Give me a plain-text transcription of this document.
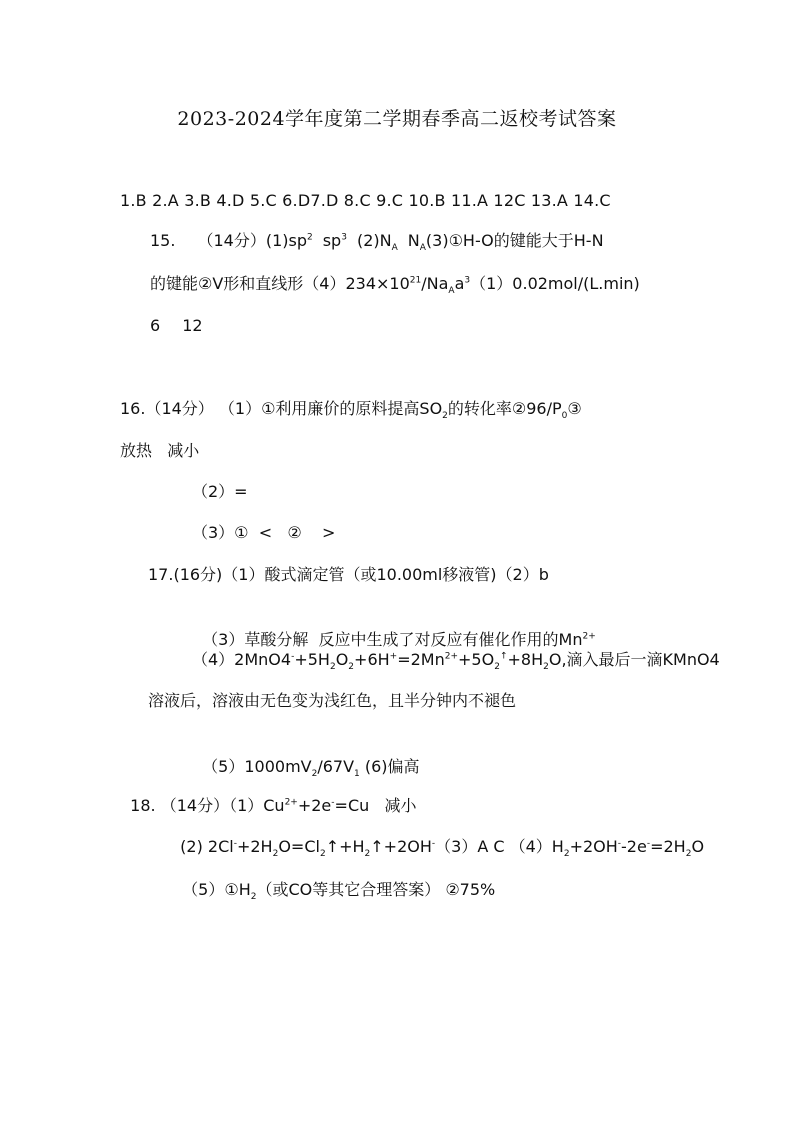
2023-2024学年度第二学期春季高二返校考试答案
1.B 2.A 3.B 4.D 5.C 6.D7.D 8.C 9.C 10.B 11.A 12C 13.A 14.C
15. （14分）$(1)sp^2$ $sp^3$ $(2)N_A$ $N_A(3)①H-O$的键能大于H-N
的键能②V形和直线形$(4)234\times 10^{21}/Na_Aa^3(1)0.02mol/(L.\min)$
6 12
16.（14分） （1）①利用廉价的原料提高$SO_2$的转化率$②96/P_0③$
放热   减小
（2）=
（3）①  <   ②    >
17.(16分)（1）酸式滴定管（或10.00ml移液管)（2）b

（3）草酸分解  反应中生成了对反应有催化作用的$Mn^{2+}$

$(4)2MnO4^-+5H_2O_2+6H^+=2Mn^{2+}+5O_2^↑+8H_2O$,滴入最后一滴KMnO4
溶液后，溶液由无色变为浅红色，且半分钟内不褪色

$(5)1000mV_2/67V_1$ (6)偏高

18. （14分）$(1)Cu^{2+}+2e^-=Cu$   减小

(2) $2Cl^-+2H_2O=Cl_2↑+H_2↑+2OH^-(3)A$ C $(4)H_2+2OH^--2e^-=2H_2O$

$(5)①H_2$（或CO等其它合理答案） ②75%
